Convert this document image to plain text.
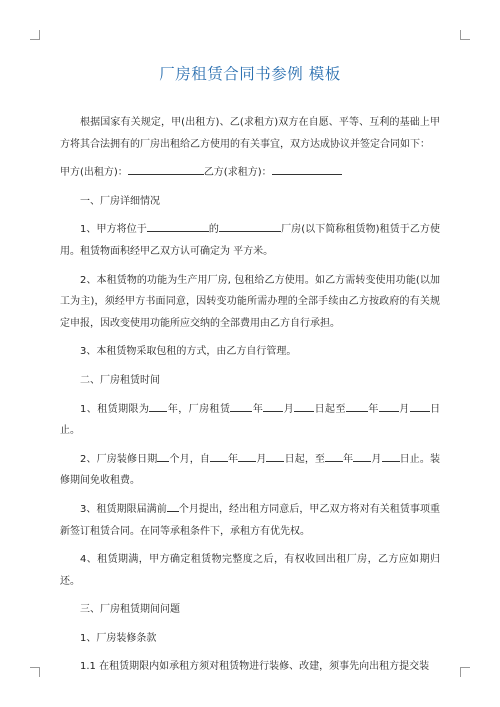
厂房租赁合同书参例 模板

根据国家有关规定，甲(出租方)、乙(求租方)双方在自愿、平等、互利的基础上甲方将其合法拥有的厂房出租给乙方使用的有关事宜，双方达成协议并签定合同如下：

甲方(出租方)：	乙方(求租方)：

一、厂房详细情况

1、甲方将位于	的	厂房(以下简称租赁物)租赁于乙方使用。租赁物面积经甲乙双方认可确定为 平方米。

2、本租赁物的功能为生产用厂房, 包租给乙方使用。如乙方需转变使用功能(以加工为主)，须经甲方书面同意，因转变功能所需办理的全部手续由乙方按政府的有关规定申报，因改变使用功能所应交纳的全部费用由乙方自行承担。

3、本租赁物采取包租的方式，由乙方自行管理。

二、厂房租赁时间

1、租赁期限为 年，厂房租赁 年 月 日起至 年 月 日止。

2、厂房装修日期 个月，自 年 月 日起，至 年 月 日止。装修期间免收租费。

3、租赁期限届满前 个月提出，经出租方同意后，甲乙双方将对有关租赁事项重新签订租赁合同。在同等承租条件下，承租方有优先权。

4、租赁期满，甲方确定租赁物完整度之后，有权收回出租厂房，乙方应如期归还。

三、厂房租赁期间问题

1、厂房装修条款

1.1 在租赁期限内如承租方须对租赁物进行装修、改建，须事先向出租方提交装
